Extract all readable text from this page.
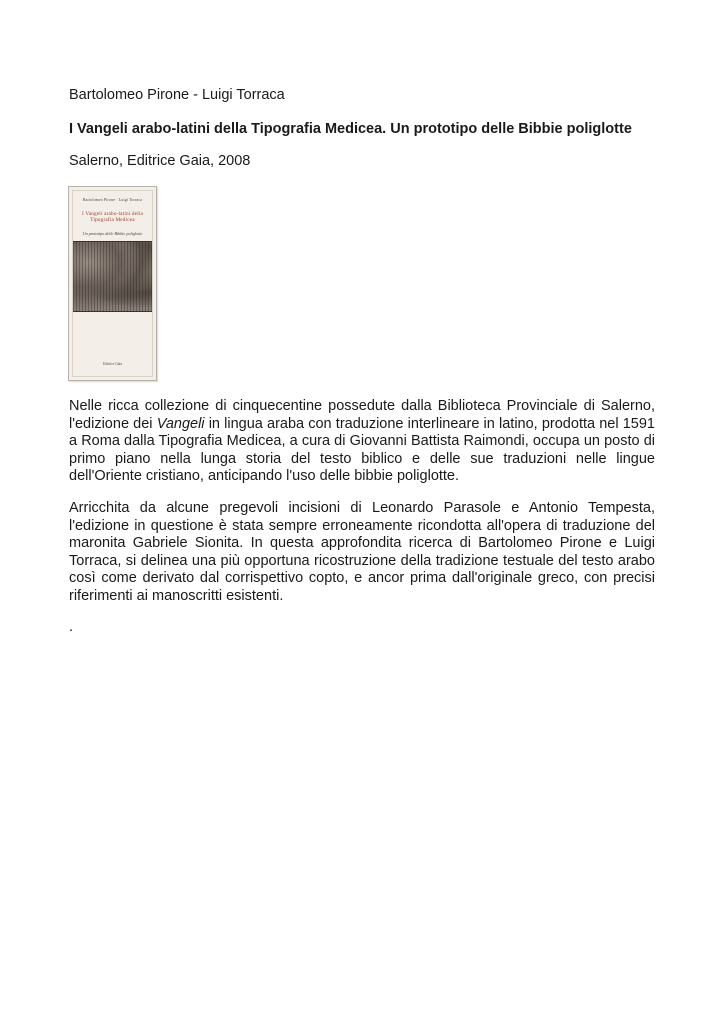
Bartolomeo Pirone - Luigi Torraca
I Vangeli arabo-latini della Tipografia Medicea. Un prototipo delle Bibbie poliglotte
Salerno, Editrice Gaia, 2008
Bartolomeo Pirone · Luigi Torraca
I Vangeli arabo-latini della Tipografia Medicea
Un prototipo delle Bibbie poliglotte
Editrice Gaia
Nelle ricca collezione di cinquecentine possedute dalla Biblioteca Provinciale di Salerno, l'edizione dei Vangeli in lingua araba con traduzione interlineare in latino, prodotta nel 1591 a Roma dalla Tipografia Medicea, a cura di Giovanni Battista Raimondi, occupa un posto di primo piano nella lunga storia del testo biblico e delle sue traduzioni nelle lingue dell'Oriente cristiano, anticipando l'uso delle bibbie poliglotte.
Arricchita da alcune pregevoli incisioni di Leonardo Parasole e Antonio Tempesta, l'edizione in questione è stata sempre erroneamente ricondotta all'opera di traduzione del maronita Gabriele Sionita. In questa approfondita ricerca di Bartolomeo Pirone e Luigi Torraca, si delinea una più opportuna ricostruzione della tradizione testuale del testo arabo così come derivato dal corrispettivo copto, e ancor prima dall'originale greco, con precisi riferimenti ai manoscritti esistenti.
.
